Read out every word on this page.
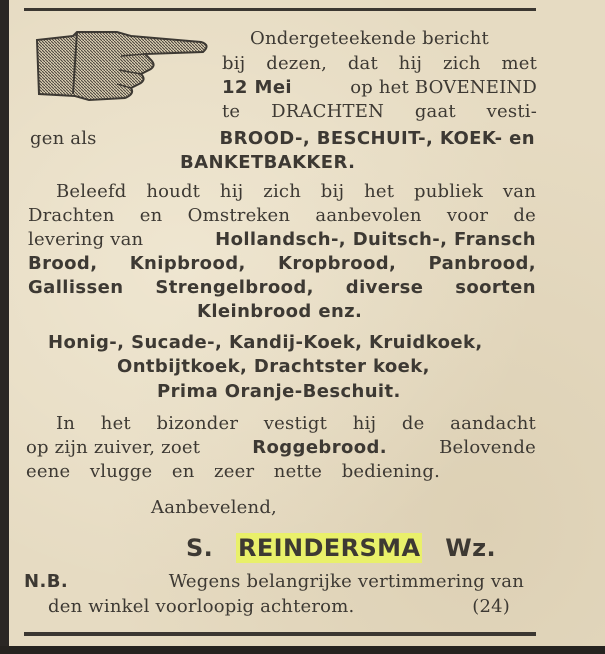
Ondergeteekende bericht
bij dezen, dat hij zich met
12 Mei	op het BOVENEIND
te DRACHTEN gaat vesti-
gen als	BROOD-, BESCHUIT-, KOEK- en
BANKETBAKKER.
Beleefd houdt hij zich bij het publiek van
Drachten en Omstreken aanbevolen voor de
levering van	Hollandsch-, Duitsch-, Fransch
Brood, Knipbrood, Kropbrood, Panbrood,
Gallissen Strengelbrood, diverse soorten
Kleinbrood enz.
Honig-, Sucade-, Kandij-Koek, Kruidkoek,
Ontbijtkoek, Drachtster koek,
Prima Oranje-Beschuit.
In het bizonder vestigt hij de aandacht
op zijn zuiver, zoet	Roggebrood.	Belovende
eene vlugge en zeer nette bediening.
Aanbevelend,
S. REINDERSMA Wz.
N.B.	Wegens belangrijke vertimmering van
den winkel voorloopig achterom.	(24)
